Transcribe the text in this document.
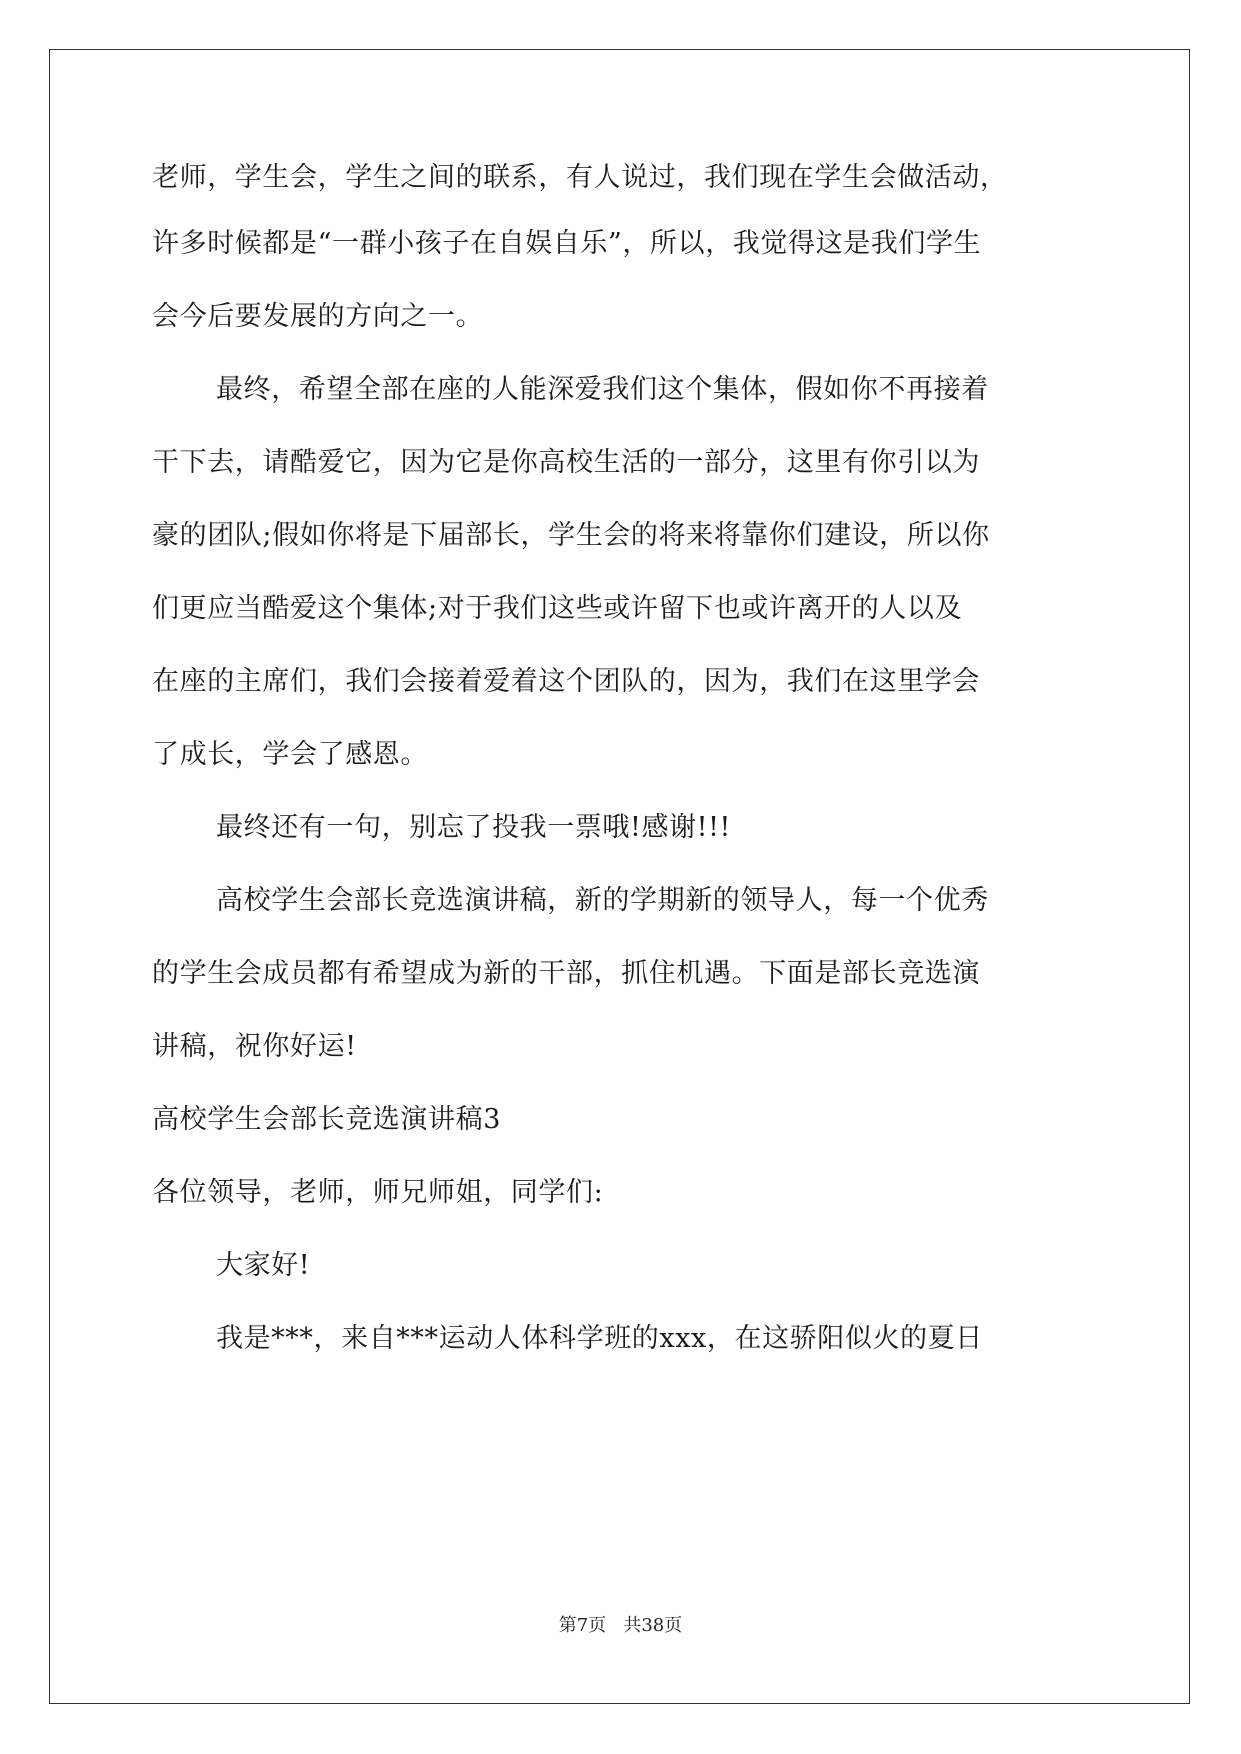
老师，学生会，学生之间的联系，有人说过，我们现在学生会做活动，

许多时候都是“一群小孩子在自娱自乐”，所以，我觉得这是我们学生

会今后要发展的方向之一。

最终，希望全部在座的人能深爱我们这个集体，假如你不再接着

干下去，请酷爱它，因为它是你高校生活的一部分，这里有你引以为

豪的团队;假如你将是下届部长，学生会的将来将靠你们建设，所以你

们更应当酷爱这个集体;对于我们这些或许留下也或许离开的人以及

在座的主席们，我们会接着爱着这个团队的，因为，我们在这里学会

了成长，学会了感恩。

最终还有一句，别忘了投我一票哦!感谢!!!

高校学生会部长竞选演讲稿，新的学期新的领导人，每一个优秀

的学生会成员都有希望成为新的干部，抓住机遇。下面是部长竞选演

讲稿，祝你好运!

高校学生会部长竞选演讲稿3

各位领导，老师，师兄师姐，同学们:

大家好!

我是***，来自***运动人体科学班的xxx，在这骄阳似火的夏日

第7页 共38页
